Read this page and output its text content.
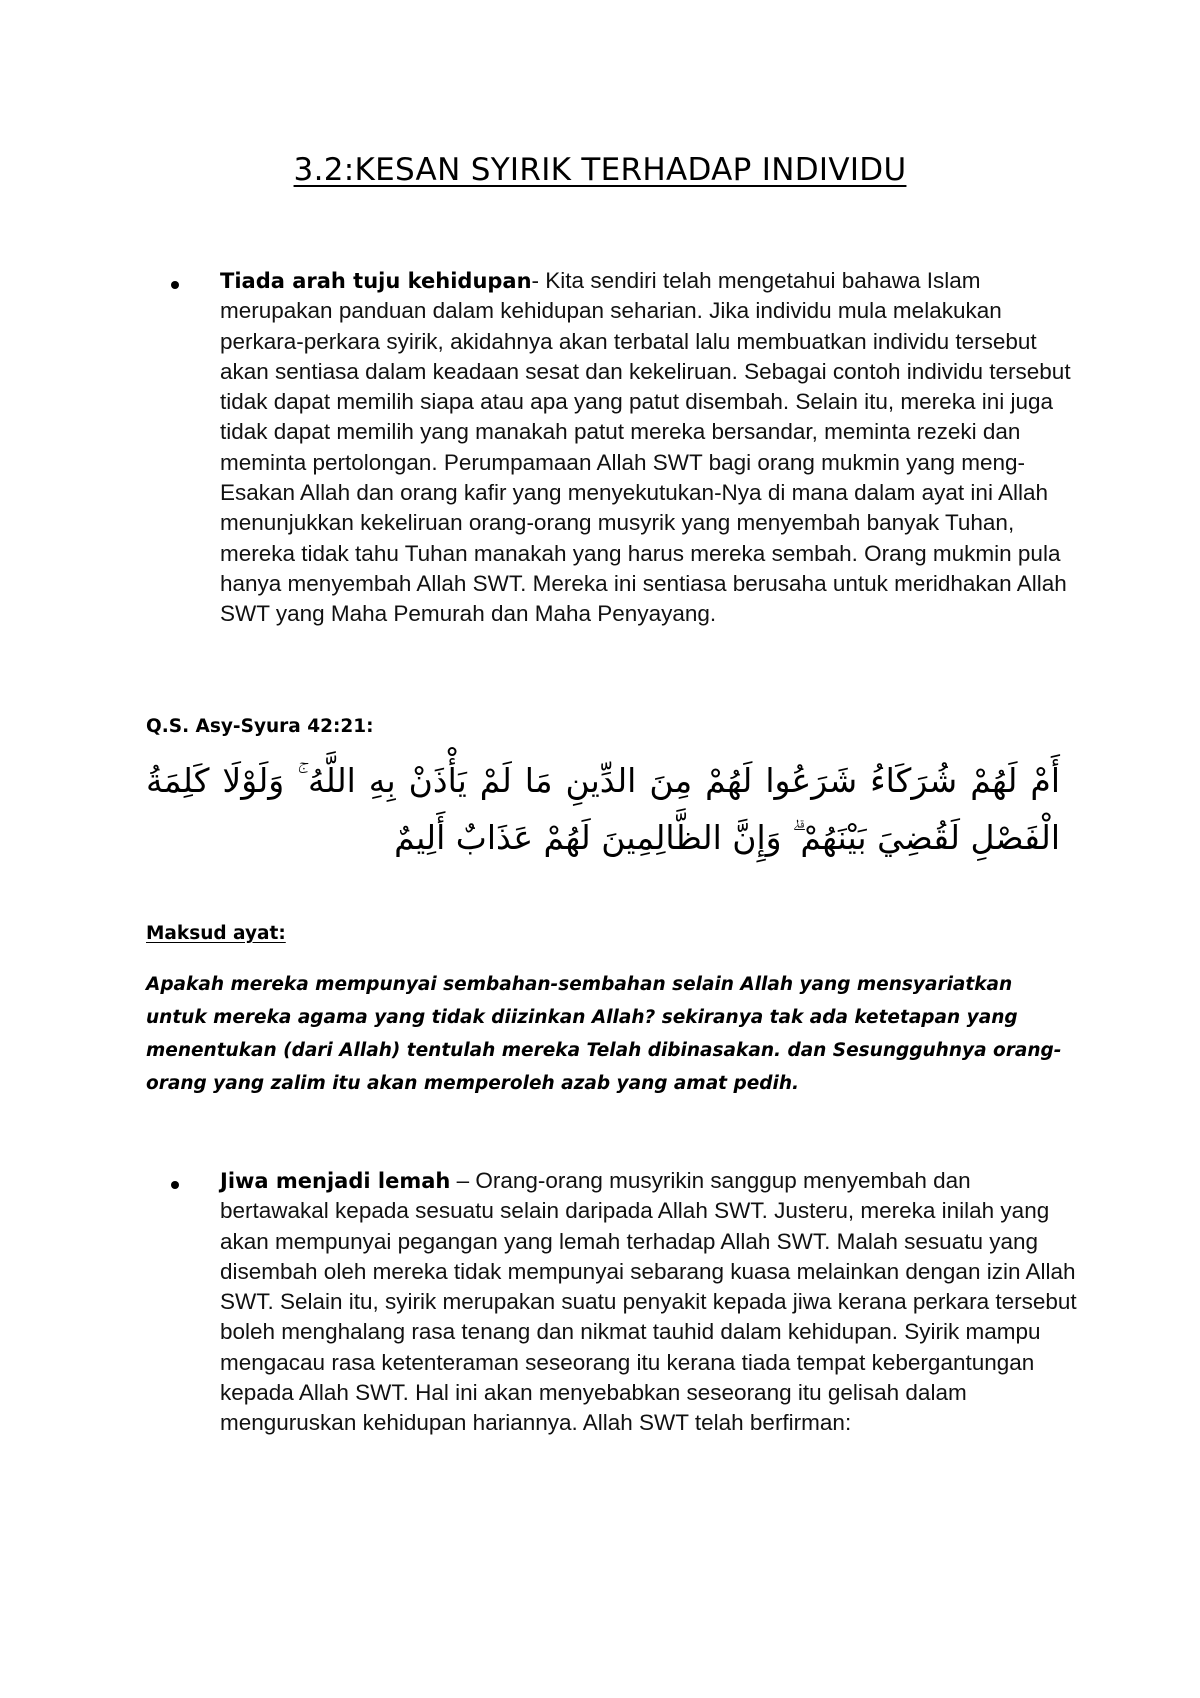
3.2:KESAN SYIRIK TERHADAP INDIVIDU
Tiada arah tuju kehidupan- Kita sendiri telah mengetahui bahawa Islam merupakan panduan dalam kehidupan seharian. Jika individu mula melakukan perkara-perkara syirik, akidahnya akan terbatal lalu membuatkan individu tersebut akan sentiasa dalam keadaan sesat dan kekeliruan. Sebagai contoh individu tersebut tidak dapat memilih siapa atau apa yang patut disembah. Selain itu, mereka ini juga tidak dapat memilih yang manakah patut mereka bersandar, meminta rezeki dan meminta pertolongan. Perumpamaan Allah SWT bagi orang mukmin yang meng-Esakan Allah dan orang kafir yang menyekutukan-Nya di mana dalam ayat ini Allah menunjukkan kekeliruan orang-orang musyrik yang menyembah banyak Tuhan, mereka tidak tahu Tuhan manakah yang harus mereka sembah. Orang mukmin pula hanya menyembah Allah SWT. Mereka ini sentiasa berusaha untuk meridhakan Allah SWT yang Maha Pemurah dan Maha Penyayang.
Q.S. Asy-Syura 42:21:
أَمْ لَهُمْ شُرَكَاءُ شَرَعُوا لَهُمْ مِنَ الدِّينِ مَا لَمْ يَأْذَنْ بِهِ اللَّهُ ۚ وَلَوْلَا كَلِمَةُ الْفَصْلِ لَقُضِيَ بَيْنَهُمْ ۗ وَإِنَّ الظَّالِمِينَ لَهُمْ عَذَابٌ أَلِيمٌ
Maksud ayat:
Apakah mereka mempunyai sembahan-sembahan selain Allah yang mensyariatkan untuk mereka agama yang tidak diizinkan Allah? sekiranya tak ada ketetapan yang menentukan (dari Allah) tentulah mereka Telah dibinasakan. dan Sesungguhnya orang-orang yang zalim itu akan memperoleh azab yang amat pedih.
Jiwa menjadi lemah – Orang-orang musyrikin sanggup menyembah dan bertawakal kepada sesuatu selain daripada Allah SWT. Justeru, mereka inilah yang akan mempunyai pegangan yang lemah terhadap Allah SWT. Malah sesuatu yang disembah oleh mereka tidak mempunyai sebarang kuasa melainkan dengan izin Allah SWT. Selain itu, syirik merupakan suatu penyakit kepada jiwa kerana perkara tersebut boleh menghalang rasa tenang dan nikmat tauhid dalam kehidupan. Syirik mampu mengacau rasa ketenteraman seseorang itu kerana tiada tempat kebergantungan kepada Allah SWT. Hal ini akan menyebabkan seseorang itu gelisah dalam menguruskan kehidupan hariannya. Allah SWT telah berfirman:
